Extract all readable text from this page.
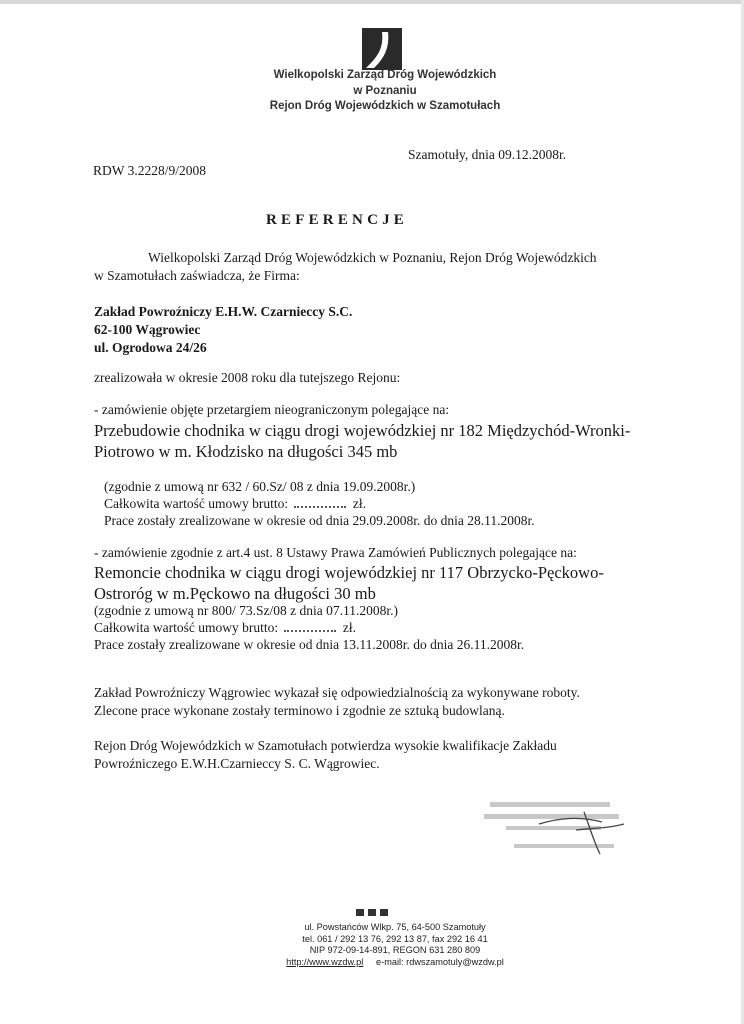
Wielkopolski Zarząd Dróg Wojewódzkich
w Poznaniu
Rejon Dróg Wojewódzkich w Szamotułach
Szamotuły, dnia 09.12.2008r.
RDW 3.2228/9/2008
REFERENCJE
Wielkopolski Zarząd Dróg Wojewódzkich w Poznaniu, Rejon Dróg Wojewódzkich
w Szamotułach zaświadcza, że Firma:
Zakład Powroźniczy E.H.W. Czarnieccy S.C.
62-100 Wągrowiec
ul. Ogrodowa 24/26
zrealizowała w okresie 2008 roku dla tutejszego Rejonu:
- zamówienie objęte przetargiem nieograniczonym polegające na:
Przebudowie chodnika w ciągu drogi wojewódzkiej nr 182 Międzychód-Wronki-
Piotrowo w m. Kłodzisko na długości 345 mb
(zgodnie z umową nr 632 / 60.Sz/ 08 z dnia 19.09.2008r.)
Całkowita wartość umowy brutto:	zł.
Prace zostały zrealizowane w okresie od dnia 29.09.2008r. do dnia 28.11.2008r.
- zamówienie zgodnie z art.4 ust. 8 Ustawy Prawa Zamówień Publicznych polegające na:
Remoncie chodnika w ciągu drogi wojewódzkiej nr 117 Obrzycko-Pęckowo-
Ostroróg w m.Pęckowo na długości 30 mb
(zgodnie z umową nr 800/ 73.Sz/08 z dnia 07.11.2008r.)
Całkowita wartość umowy brutto:	zł.
Prace zostały zrealizowane w okresie od dnia 13.11.2008r. do dnia 26.11.2008r.
Zakład Powroźniczy Wągrowiec wykazał się odpowiedzialnością za wykonywane roboty.
Zlecone prace wykonane zostały terminowo i zgodnie ze sztuką budowlaną.
Rejon Dróg Wojewódzkich w Szamotułach potwierdza wysokie kwalifikacje Zakładu
Powroźniczego E.W.H.Czarnieccy S. C. Wągrowiec.
ul. Powstańców Wlkp. 75, 64-500 Szamotuły
tel. 061 / 292 13 76, 292 13 87, fax 292 16 41
NIP 972-09-14-891, REGON 631 280 809
http://www.wzdw.pl e-mail: rdwszamotuly@wzdw.pl
